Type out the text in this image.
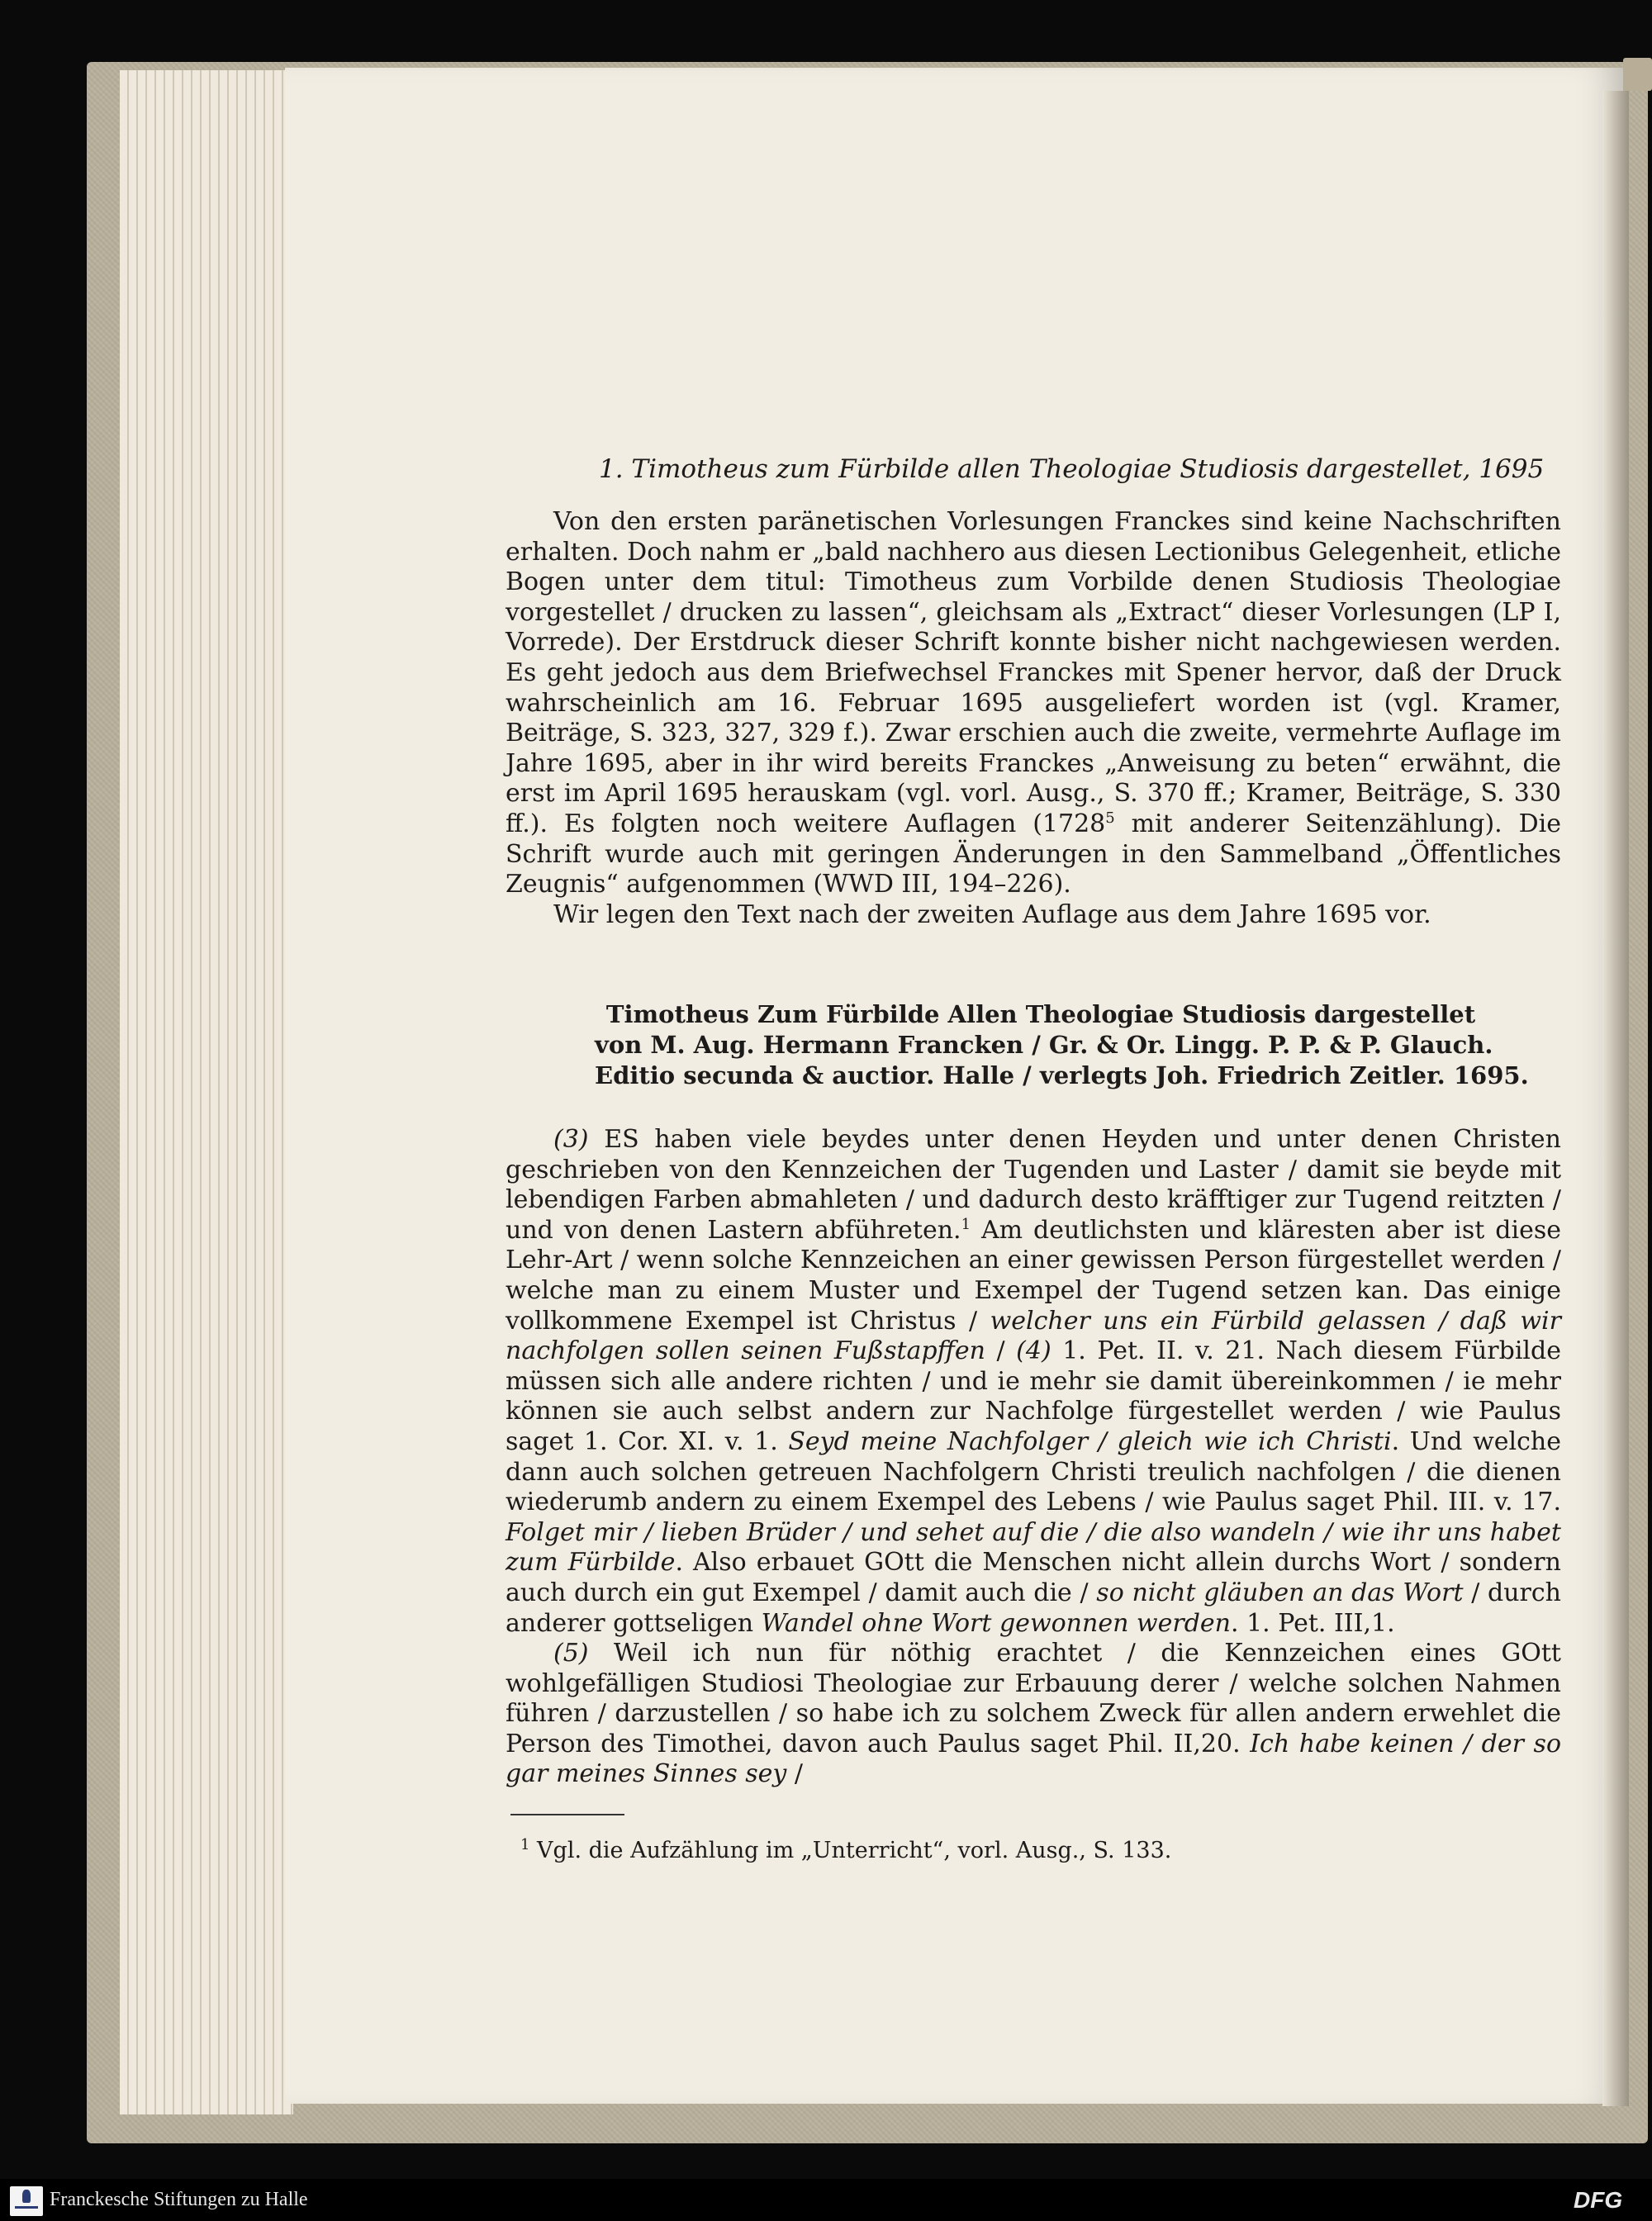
1. Timotheus zum Fürbilde allen Theologiae Studiosis dargestellet, 1695

Von den ersten paränetischen Vorlesungen Franckes sind keine Nachschriften erhalten. Doch nahm er „bald nachhero aus diesen Lectionibus Gelegenheit, etliche Bogen unter dem titul: Timotheus zum Vorbilde denen Studiosis Theologiae vorgestellet / drucken zu lassen“, gleichsam als „Extract“ dieser Vorlesungen (LP I, Vorrede). Der Erstdruck dieser Schrift konnte bisher nicht nachgewiesen werden. Es geht jedoch aus dem Briefwechsel Franckes mit Spener hervor, daß der Druck wahrscheinlich am 16. Februar 1695 ausgeliefert worden ist (vgl. Kramer, Beiträge, S. 323, 327, 329 f.). Zwar erschien auch die zweite, vermehrte Auflage im Jahre 1695, aber in ihr wird bereits Franckes „Anweisung zu beten“ erwähnt, die erst im April 1695 herauskam (vgl. vorl. Ausg., S. 370 ff.; Kramer, Beiträge, S. 330 ff.). Es folgten noch weitere Auflagen (1728$^5$ mit anderer Seitenzählung). Die Schrift wurde auch mit geringen Änderungen in den Sammelband „Öffentliches Zeugnis“ aufgenommen (WWD III, 194–226).

Wir legen den Text nach der zweiten Auflage aus dem Jahre 1695 vor.

Timotheus Zum Fürbilde Allen Theologiae Studiosis dargestellet
von M. Aug. Hermann Francken / Gr. & Or. Lingg. P. P. & P. Glauch.
Editio secunda & auctior. Halle / verlegts Joh. Friedrich Zeitler. 1695.

(3) ES haben viele beydes unter denen Heyden und unter denen Christen geschrieben von den Kennzeichen der Tugenden und Laster / damit sie beyde mit lebendigen Farben abmahleten / und dadurch desto kräfftiger zur Tugend reitzten / und von denen Lastern abführeten.$^1$ Am deutlichsten und kläresten aber ist diese Lehr-Art / wenn solche Kennzeichen an einer gewissen Person fürgestellet werden / welche man zu einem Muster und Exempel der Tugend setzen kan. Das einige vollkommene Exempel ist Christus / welcher uns ein Fürbild gelassen / daß wir nachfolgen sollen seinen Fußstapffen / (4) 1. Pet. II. v. 21. Nach diesem Fürbilde müssen sich alle andere richten / und ie mehr sie damit übereinkommen / ie mehr können sie auch selbst andern zur Nachfolge fürgestellet werden / wie Paulus saget 1. Cor. XI. v. 1. Seyd meine Nachfolger / gleich wie ich Christi. Und welche dann auch solchen getreuen Nachfolgern Christi treulich nachfolgen / die dienen wiederumb andern zu einem Exempel des Lebens / wie Paulus saget Phil. III. v. 17. Folget mir / lieben Brüder / und sehet auf die / die also wandeln / wie ihr uns habet zum Fürbilde. Also erbauet GOtt die Menschen nicht allein durchs Wort / sondern auch durch ein gut Exempel / damit auch die / so nicht gläuben an das Wort / durch anderer gottseligen Wandel ohne Wort gewonnen werden. 1. Pet. III,1.

(5) Weil ich nun für nöthig erachtet / die Kennzeichen eines GOtt wohlgefälligen Studiosi Theologiae zur Erbauung derer / welche solchen Nahmen führen / darzustellen / so habe ich zu solchem Zweck für allen andern erwehlet die Person des Timothei, davon auch Paulus saget Phil. II,20. Ich habe keinen / der so gar meines Sinnes sey /

$^1$ Vgl. die Aufzählung im „Unterricht“, vorl. Ausg., S. 133.
Franckesche Stiftungen zu Halle	DFG
